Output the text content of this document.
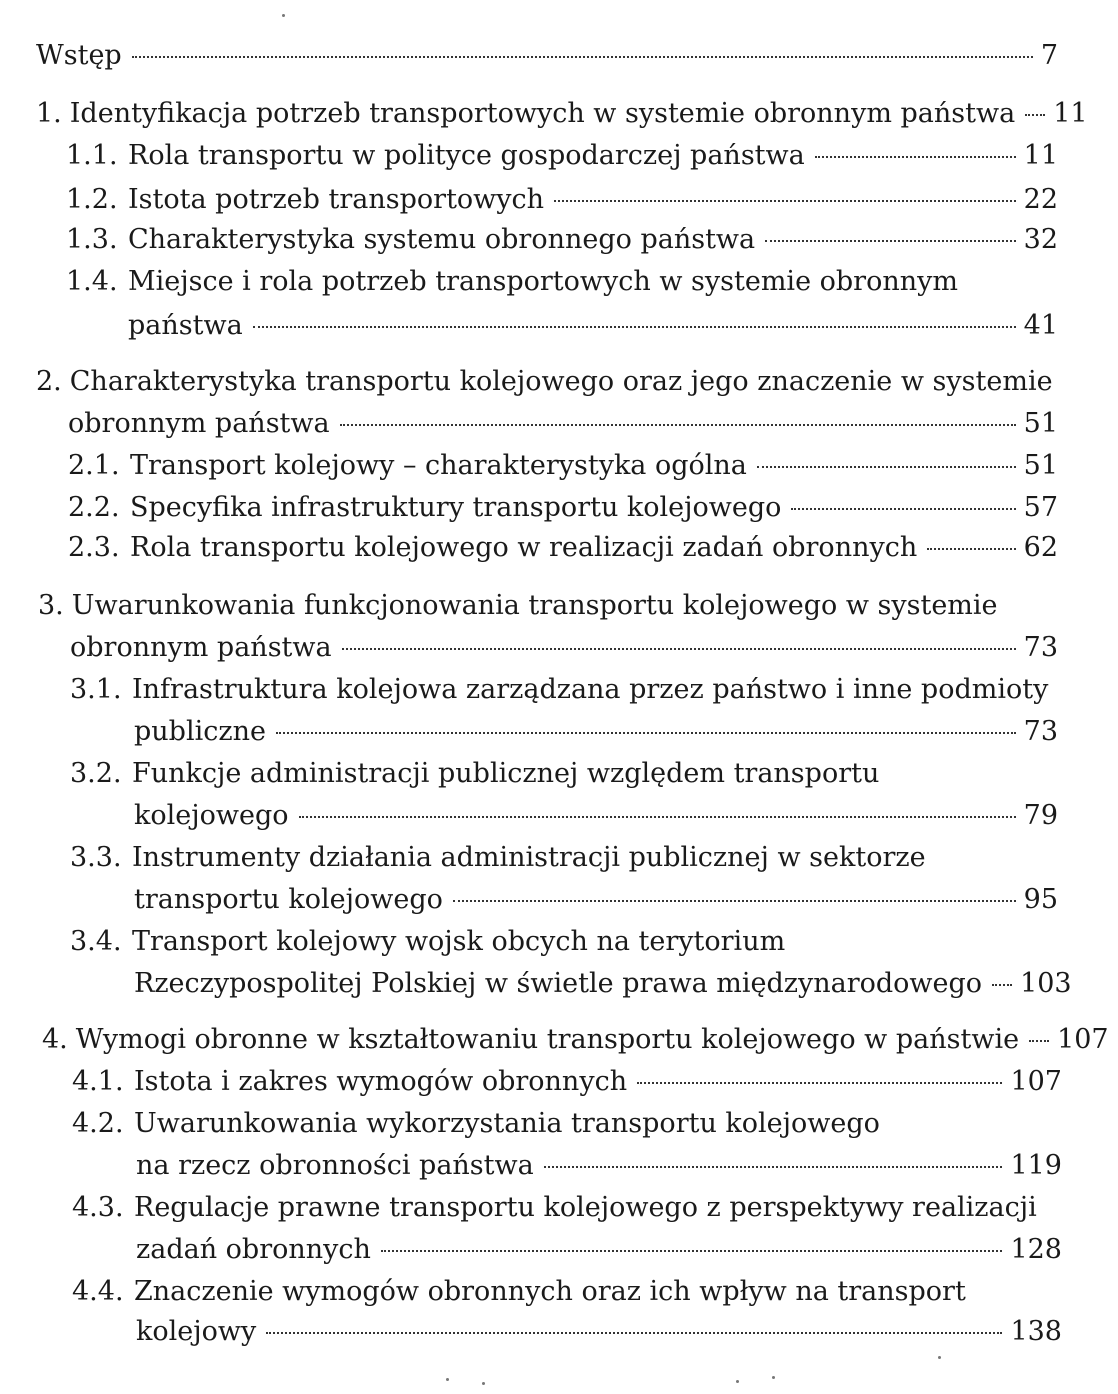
Wstęp	7
1. Identyfikacja potrzeb transportowych w systemie obronnym państwa 11
1.1. Rola transportu w polityce gospodarczej państwa	11
1.2. Istota potrzeb transportowych	22
1.3. Charakterystyka systemu obronnego państwa	32
1.4. Miejsce i rola potrzeb transportowych w systemie obronnym
państwa	41
2. Charakterystyka transportu kolejowego oraz jego znaczenie w systemie
obronnym państwa	51
2.1. Transport kolejowy – charakterystyka ogólna	51
2.2. Specyfika infrastruktury transportu kolejowego	57
2.3. Rola transportu kolejowego w realizacji zadań obronnych	62
3. Uwarunkowania funkcjonowania transportu kolejowego w systemie
obronnym państwa	73
3.1. Infrastruktura kolejowa zarządzana przez państwo i inne podmioty
publiczne	73
3.2. Funkcje administracji publicznej względem transportu
kolejowego	79
3.3. Instrumenty działania administracji publicznej w sektorze
transportu kolejowego	95
3.4. Transport kolejowy wojsk obcych na terytorium
Rzeczypospolitej Polskiej w świetle prawa międzynarodowego 103
4. Wymogi obronne w kształtowaniu transportu kolejowego w państwie 107
4.1. Istota i zakres wymogów obronnych	107
4.2. Uwarunkowania wykorzystania transportu kolejowego
na rzecz obronności państwa	119
4.3. Regulacje prawne transportu kolejowego z perspektywy realizacji
zadań obronnych	128
4.4. Znaczenie wymogów obronnych oraz ich wpływ na transport
kolejowy	138
